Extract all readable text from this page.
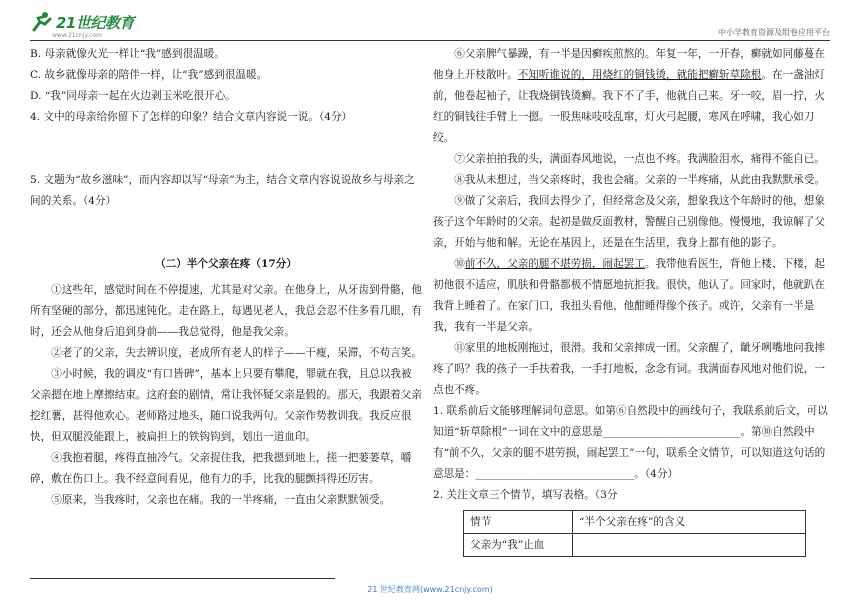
21世纪教育
www.21cnjy.com	中小学教育资源及组卷应用平台

B. 母亲就像火光一样让“我”感到很温暖。

C. 故乡就像母亲的陪伴一样，让“我”感到很温暖。

D. “我”同母亲一起在火边剥玉米吃很开心。

4. 文中的母亲给你留下了怎样的印象？结合文章内容说一说。（4分）

5. 文题为“故乡滋味”，而内容却以写“母亲”为主，结合文章内容说说故乡与母亲之间的关系。（4分）

（二）半个父亲在疼（17分）

①这些年，感觉时间在不停提速，尤其是对父亲。在他身上，从牙齿到骨骼，他所有坚硬的部分，都迅速钝化。走在路上，每遇见老人，我总会忍不住多看几眼，有时，还会从他身后追到身前——我总觉得，他是我父亲。

②老了的父亲，失去辨识度，老成所有老人的样子——干瘦，呆滞，不苟言笑。

③小时候，我的调皮“有口皆碑”，基本上只要有攀爬，罪就在我，且总以我被父亲摁在地上摩擦结束。这府套的剧情，常让我怀疑父亲是假的。那天，我跟着父亲挖红薯，甚得他欢心。老师路过地头，随口说我两句。父亲作势教训我。我反应很快，但双腿没能跟上，被扁担上的铁钩钩到，划出一道血印。

④我抱着腿，疼得直抽冷气。父亲捉住我，把我摁到地上，搓一把蒌蒌草，嚼碎，敷在伤口上。我不经意间看见，他有力的手，比我的腿颤抖得还厉害。

⑤原来，当我疼时，父亲也在痛。我的一半疼痛，一直由父亲默默领受。

⑥父亲脾气暴躁，有一半是因癣疾煎熬的。年复一年，一开春，癣就如同藤蔓在他身上开枝散叶。不知听谁说的，用烧红的铜钱烫，就能把癣斩草除根。在一盏油灯前，他卷起袖子，让我烧铜钱烫癣。我下不了手，他就自己来。牙一咬，眉一拧，火红的铜钱往手臂上一摁。一股焦味吱吱乱窜，灯火弓起腰，寒风在呼啸，我心如刀绞。

⑦父亲拍拍我的头，满面春风地说，一点也不疼。我满脸泪水，痛得不能自已。

⑧我从未想过，当父亲疼时，我也会痛。父亲的一半疼痛，从此由我默默承受。

⑨做了父亲后，我回去得少了，但经常念及父亲，想象我这个年龄时的他，想象孩子这个年龄时的父亲。起初是做反面教材，警醒自己别像他。慢慢地，我谅解了父亲，开始与他和解。无论在基因上，还是在生活里，我身上都有他的影子。

⑩前不久，父亲的腿不堪劳损，闹起罢工。我带他看医生，背他上楼、下楼，起初他很不适应，肌肤和骨骼都极不情愿地抗拒我。很快，他认了。回家时，他就趴在我背上睡着了。在家门口，我扭头看他，他酣睡得像个孩子。或许，父亲有一半是我，我有一半是父亲。

⑪家里的地板刚拖过，很滑。我和父亲摔成一团。父亲醒了，龇牙咧嘴地问我摔疼了吗？我的孩子一手扶着我，一手打地板，念念有词。我满面春风地对他们说，一点也不疼。

1. 联系前后文能够理解词句意思。如第⑥自然段中的画线句子，我联系前后文，可以知道“斩草除根”一词在文中的意思是__________________________。第⑩自然段中有“前不久，父亲的腿不堪劳损，闹起罢工”一句，联系全文情节，可以知道这句话的意思是：______________________________。（4分）

2. 关注文章三个情节，填写表格。（3分

情节	“半个父亲在疼”的含义
父亲为“我”止血	
21 世纪教育网(www.21cnjy.com)
